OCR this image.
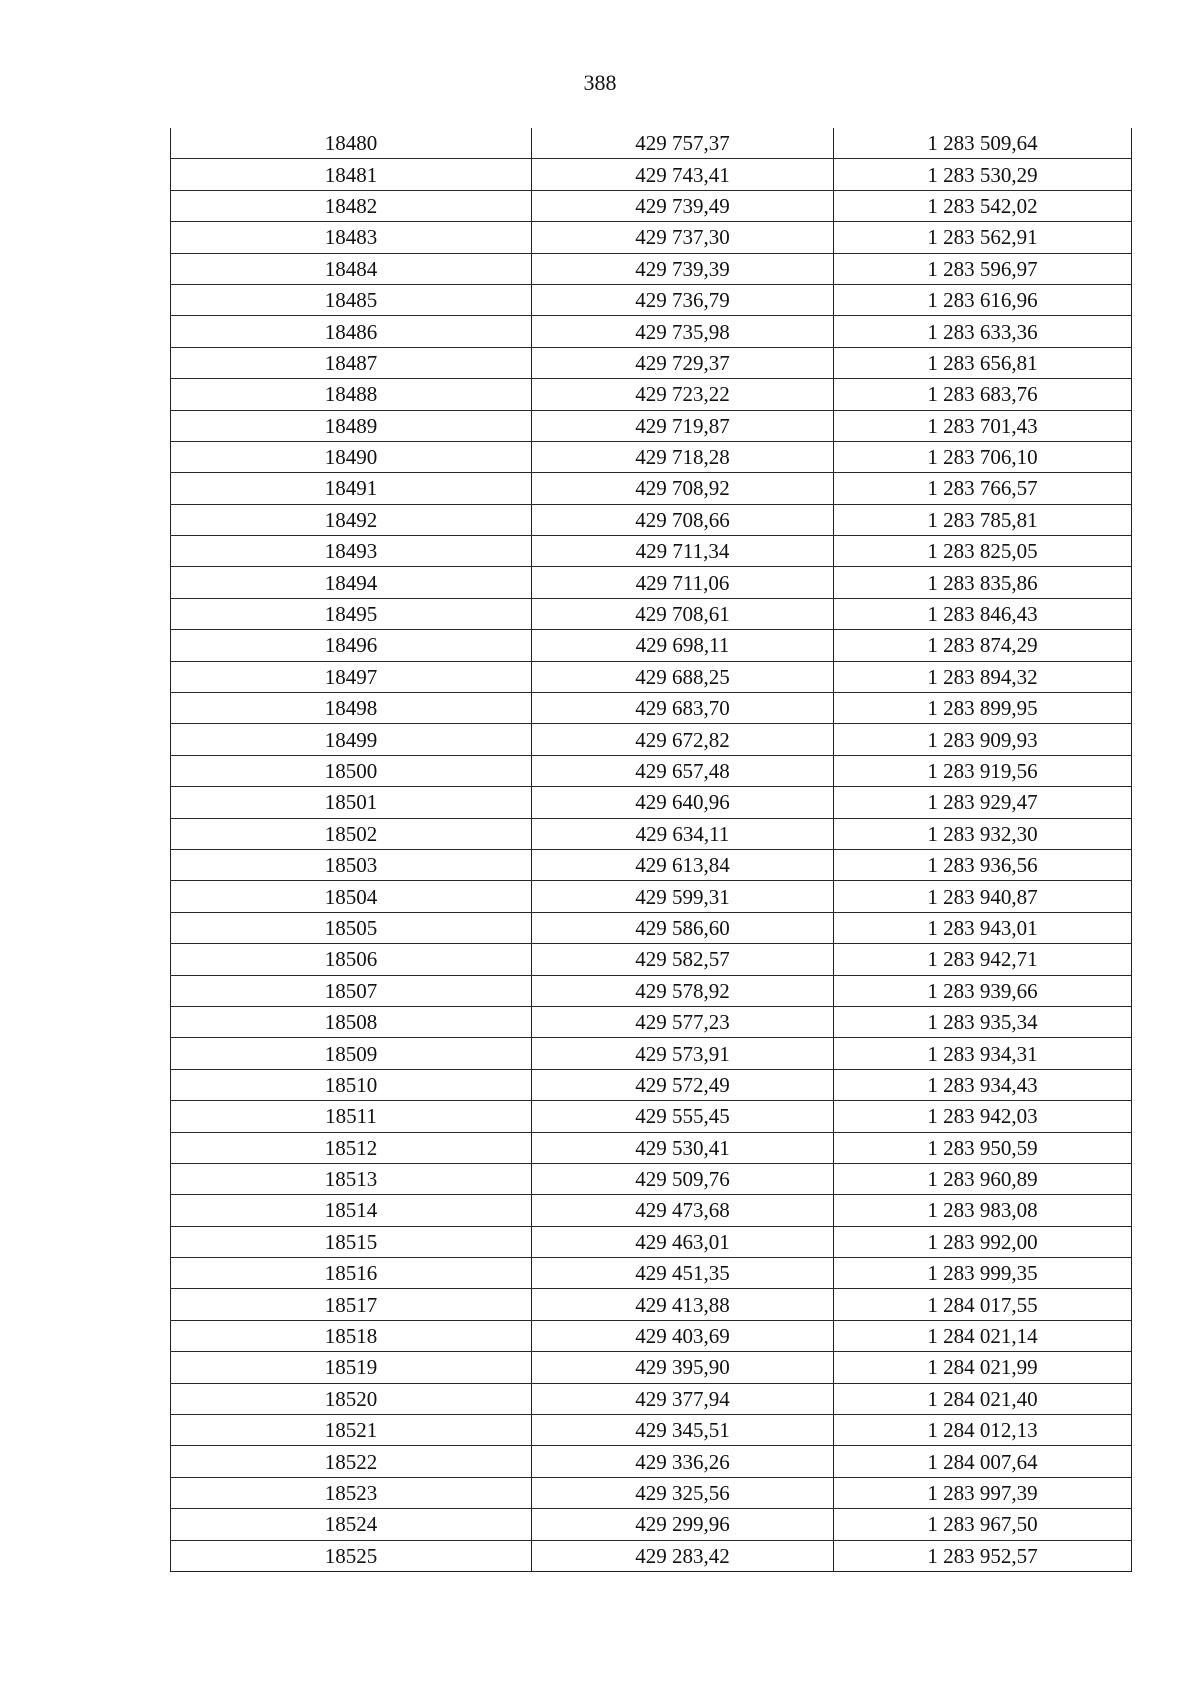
388
18480	429 757,37	1 283 509,64
18481	429 743,41	1 283 530,29
18482	429 739,49	1 283 542,02
18483	429 737,30	1 283 562,91
18484	429 739,39	1 283 596,97
18485	429 736,79	1 283 616,96
18486	429 735,98	1 283 633,36
18487	429 729,37	1 283 656,81
18488	429 723,22	1 283 683,76
18489	429 719,87	1 283 701,43
18490	429 718,28	1 283 706,10
18491	429 708,92	1 283 766,57
18492	429 708,66	1 283 785,81
18493	429 711,34	1 283 825,05
18494	429 711,06	1 283 835,86
18495	429 708,61	1 283 846,43
18496	429 698,11	1 283 874,29
18497	429 688,25	1 283 894,32
18498	429 683,70	1 283 899,95
18499	429 672,82	1 283 909,93
18500	429 657,48	1 283 919,56
18501	429 640,96	1 283 929,47
18502	429 634,11	1 283 932,30
18503	429 613,84	1 283 936,56
18504	429 599,31	1 283 940,87
18505	429 586,60	1 283 943,01
18506	429 582,57	1 283 942,71
18507	429 578,92	1 283 939,66
18508	429 577,23	1 283 935,34
18509	429 573,91	1 283 934,31
18510	429 572,49	1 283 934,43
18511	429 555,45	1 283 942,03
18512	429 530,41	1 283 950,59
18513	429 509,76	1 283 960,89
18514	429 473,68	1 283 983,08
18515	429 463,01	1 283 992,00
18516	429 451,35	1 283 999,35
18517	429 413,88	1 284 017,55
18518	429 403,69	1 284 021,14
18519	429 395,90	1 284 021,99
18520	429 377,94	1 284 021,40
18521	429 345,51	1 284 012,13
18522	429 336,26	1 284 007,64
18523	429 325,56	1 283 997,39
18524	429 299,96	1 283 967,50
18525	429 283,42	1 283 952,57
